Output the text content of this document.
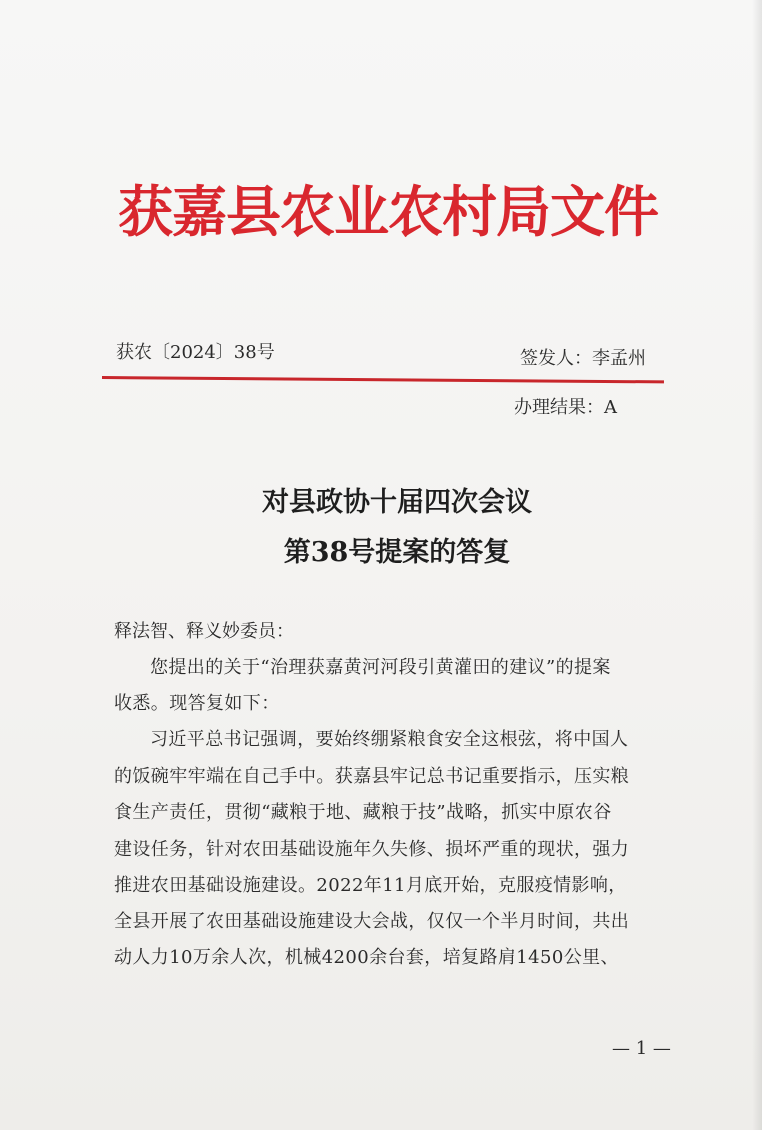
获嘉县农业农村局文件
获农〔2024〕38号	签发人：李孟州
办理结果：A
对县政协十届四次会议
第38号提案的答复
释法智、释义妙委员：
您提出的关于“治理获嘉黄河河段引黄灌田的建议”的提案
收悉。现答复如下：
习近平总书记强调，要始终绷紧粮食安全这根弦，将中国人
的饭碗牢牢端在自己手中。获嘉县牢记总书记重要指示，压实粮
食生产责任，贯彻“藏粮于地、藏粮于技”战略，抓实中原农谷
建设任务，针对农田基础设施年久失修、损坏严重的现状，强力
推进农田基础设施建设。2022年11月底开始，克服疫情影响，
全县开展了农田基础设施建设大会战，仅仅一个半月时间，共出
动人力10万余人次，机械4200余台套，培复路肩1450公里、
— 1 —
